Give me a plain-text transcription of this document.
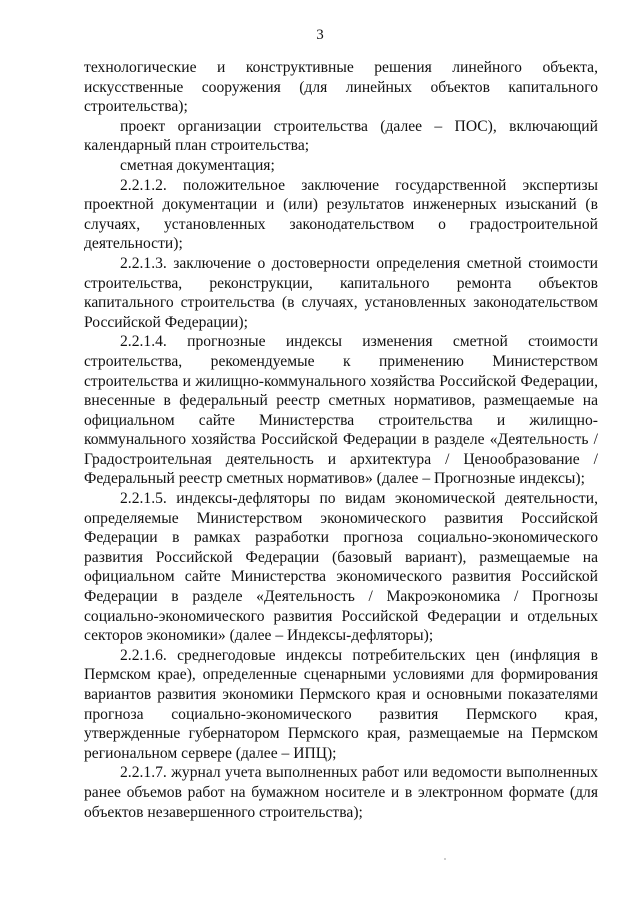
3

технологические и конструктивные решения линейного объекта, искусственные сооружения (для линейных объектов капитального строительства);

проект организации строительства (далее – ПОС), включающий календарный план строительства;

сметная документация;

2.2.1.2. положительное заключение государственной экспертизы проектной документации и (или) результатов инженерных изысканий (в случаях, установленных законодательством о градостроительной деятельности);

2.2.1.3. заключение о достоверности определения сметной стоимости строительства, реконструкции, капитального ремонта объектов капитального строительства (в случаях, установленных законодательством Российской Федерации);

2.2.1.4. прогнозные индексы изменения сметной стоимости строительства, рекомендуемые к применению Министерством строительства и жилищно-коммунального хозяйства Российской Федерации, внесенные в федеральный реестр сметных нормативов, размещаемые на официальном сайте Министерства строительства и жилищно-коммунального хозяйства Российской Федерации в разделе «Деятельность / Градостроительная деятельность и архитектура / Ценообразование / Федеральный реестр сметных нормативов» (далее – Прогнозные индексы);

2.2.1.5. индексы-дефляторы по видам экономической деятельности, определяемые Министерством экономического развития Российской Федерации в рамках разработки прогноза социально-экономического развития Российской Федерации (базовый вариант), размещаемые на официальном сайте Министерства экономического развития Российской Федерации в разделе «Деятельность / Макроэкономика / Прогнозы социально-экономического развития Российской Федерации и отдельных секторов экономики» (далее – Индексы-дефляторы);

2.2.1.6. среднегодовые индексы потребительских цен (инфляция в Пермском крае), определенные сценарными условиями для формирования вариантов развития экономики Пермского края и основными показателями прогноза социально-экономического развития Пермского края, утвержденные губернатором Пермского края, размещаемые на Пермском региональном сервере (далее – ИПЦ);

2.2.1.7. журнал учета выполненных работ или ведомости выполненных ранее объемов работ на бумажном носителе и в электронном формате (для объектов незавершенного строительства);
